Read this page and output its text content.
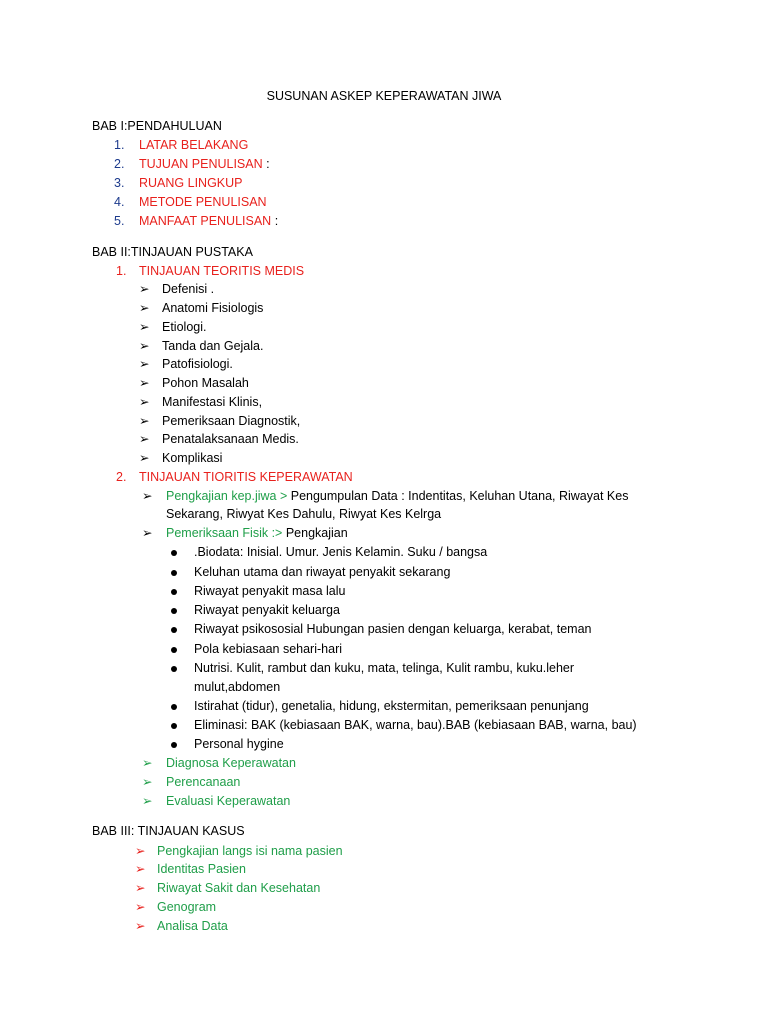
SUSUNAN ASKEP KEPERAWATAN JIWA
BAB I:PENDAHULUAN
1. LATAR BELAKANG
2. TUJUAN PENULISAN :
3. RUANG LINGKUP
4. METODE PENULISAN
5. MANFAAT PENULISAN :
BAB II:TINJAUAN PUSTAKA
1. TINJAUAN TEORITIS MEDIS
➢ Defenisi .
➢ Anatomi Fisiologis
➢ Etiologi.
➢ Tanda dan Gejala.
➢ Patofisiologi.
➢ Pohon Masalah
➢ Manifestasi Klinis,
➢ Pemeriksaan Diagnostik,
➢ Penatalaksanaan Medis.
➢ Komplikasi
2. TINJAUAN TIORITIS KEPERAWATAN
➢ Pengkajian kep.jiwa > Pengumpulan Data : Indentitas, Keluhan Utana, Riwayat Kes
Sekarang, Riwyat Kes Dahulu, Riwyat Kes Kelrga
➢ Pemeriksaan Fisik :> Pengkajian
.Biodata: Inisial. Umur. Jenis Kelamin. Suku / bangsa
Keluhan utama dan riwayat penyakit sekarang
Riwayat penyakit masa lalu
Riwayat penyakit keluarga
Riwayat psikososial Hubungan pasien dengan keluarga, kerabat, teman
Pola kebiasaan sehari-hari
Nutrisi. Kulit, rambut dan kuku, mata, telinga, Kulit rambu, kuku.leher
mulut,abdomen
Istirahat (tidur), genetalia, hidung, ekstermitan, pemeriksaan penunjang
Eliminasi: BAK (kebiasaan BAK, warna, bau).BAB (kebiasaan BAB, warna, bau)
Personal hygine
➢ Diagnosa Keperawatan
➢ Perencanaan
➢ Evaluasi Keperawatan
BAB III: TINJAUAN KASUS
➢ Pengkajian langs isi nama pasien
➢ Identitas Pasien
➢ Riwayat Sakit dan Kesehatan
➢ Genogram
➢ Analisa Data
